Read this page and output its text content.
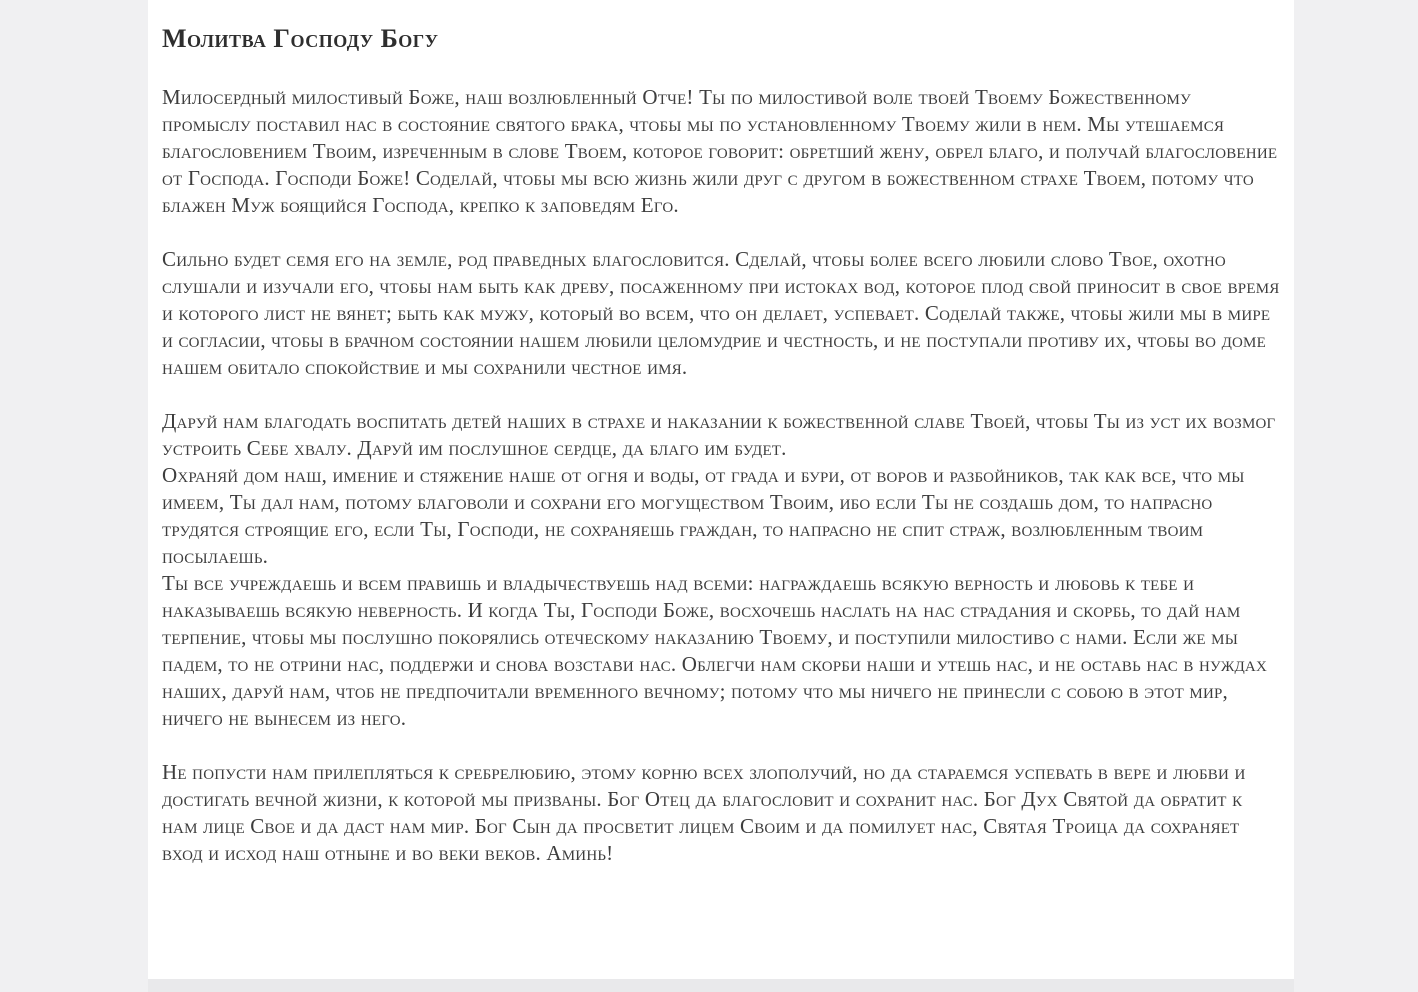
Молитва Господу Богу

Милосердный милостивый Боже, наш возлюбленный Отче! Ты по милостивой воле твоей Твоему Божественному промыслу поставил нас в состояние святого брака, чтобы мы по установленному Твоему жили в нем. Мы утешаемся благословением Твоим, изреченным в слове Твоем, которое говорит: обретший жену, обрел благо, и получай благословение от Господа. Господи Боже! Соделай, чтобы мы всю жизнь жили друг с другом в божественном страхе Твоем, потому что блажен Муж боящийся Господа, крепко к заповедям Его.

Сильно будет семя его на земле, род праведных благословится. Сделай, чтобы более всего любили слово Твое, охотно слушали и изучали его, чтобы нам быть как древу, посаженному при истоках вод, которое плод свой приносит в свое время и которого лист не вянет; быть как мужу, который во всем, что он делает, успевает. Соделай также, чтобы жили мы в мире и согласии, чтобы в брачном состоянии нашем любили целомудрие и честность, и не поступали противу их, чтобы во доме нашем обитало спокойствие и мы сохранили честное имя.

Даруй нам благодать воспитать детей наших в страхе и наказании к божественной славе Твоей, чтобы Ты из уст их возмог устроить Себе хвалу. Даруй им послушное сердце, да благо им будет.

Охраняй дом наш, имение и стяжение наше от огня и воды, от града и бури, от воров и разбойников, так как все, что мы имеем, Ты дал нам, потому благоволи и сохрани его могуществом Твоим, ибо если Ты не создашь дом, то напрасно трудятся строящие его, если Ты, Господи, не сохраняешь граждан, то напрасно не спит страж, возлюбленным твоим посылаешь.

Ты все учреждаешь и всем правишь и владычествуешь над всеми: награждаешь всякую верность и любовь к тебе и наказываешь всякую неверность. И когда Ты, Господи Боже, восхочешь наслать на нас страдания и скорбь, то дай нам терпение, чтобы мы послушно покорялись отеческому наказанию Твоему, и поступили милостиво с нами. Если же мы падем, то не отрини нас, поддержи и снова возстави нас. Облегчи нам скорби наши и утешь нас, и не оставь нас в нуждах наших, даруй нам, чтоб не предпочитали временного вечному; потому что мы ничего не принесли с собою в этот мир, ничего не вынесем из него.

Не попусти нам прилепляться к сребрелюбию, этому корню всех злополучий, но да стараемся успевать в вере и любви и достигать вечной жизни, к которой мы призваны. Бог Отец да благословит и сохранит нас. Бог Дух Святой да обратит к нам лице Свое и да даст нам мир. Бог Сын да просветит лицем Своим и да помилует нас, Святая Троица да сохраняет вход и исход наш отныне и во веки веков. Аминь!
